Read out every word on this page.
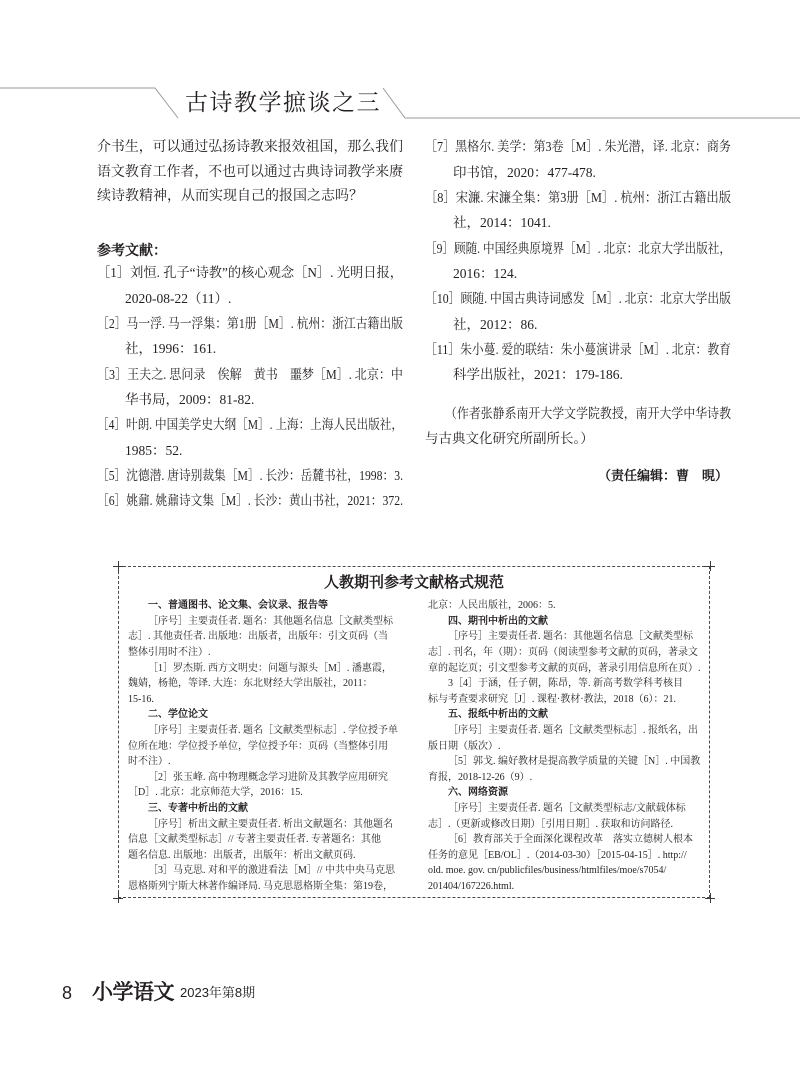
古诗教学摭谈之三
介书生，可以通过弘扬诗教来报效祖国，那么我们
语文教育工作者，不也可以通过古典诗词教学来赓
续诗教精神，从而实现自己的报国之志吗？
参考文献：
［1］刘恒. 孔子“诗教”的核心观念［N］. 光明日报，
2020-08-22（11）.
［2］马一浮. 马一浮集：第1册［M］. 杭州：浙江古籍出版
社，1996：161.
［3］王夫之. 思问录　俟解　黄书　噩梦［M］. 北京：中
华书局，2009：81-82.
［4］叶朗. 中国美学史大纲［M］. 上海：上海人民出版社，
1985：52.
［5］沈德潜. 唐诗别裁集［M］. 长沙：岳麓书社，1998：3.
［6］姚鼐. 姚鼐诗文集［M］. 长沙：黄山书社，2021：372.
［7］黑格尔. 美学：第3卷［M］. 朱光潜，译. 北京：商务
印书馆，2020：477-478.
［8］宋濂. 宋濂全集：第3册［M］. 杭州：浙江古籍出版
社，2014：1041.
［9］顾随. 中国经典原境界［M］. 北京：北京大学出版社，
2016：124.
［10］顾随. 中国古典诗词感发［M］. 北京：北京大学出版
社，2012：86.
［11］朱小蔓. 爱的联结：朱小蔓演讲录［M］. 北京：教育
科学出版社，2021：179-186.
（作者张静系南开大学文学院教授，南开大学中华诗教
与古典文化研究所副所长。）
（责任编辑：曹　晛）
人教期刊参考文献格式规范
一、普通图书、论文集、会议录、报告等
［序号］主要责任者. 题名：其他题名信息［文献类型标
志］. 其他责任者. 出版地：出版者，出版年：引文页码（当
整体引用时不注）.
［1］罗杰斯. 西方文明史：问题与源头［M］. 潘惠霞，
魏婧，杨艳，等译. 大连：东北财经大学出版社，2011：
15-16.
二、学位论文
［序号］主要责任者. 题名［文献类型标志］. 学位授予单
位所在地：学位授予单位，学位授予年：页码（当整体引用
时不注）.
［2］张玉峰. 高中物理概念学习进阶及其教学应用研究
［D］. 北京：北京师范大学，2016：15.
三、专著中析出的文献
［序号］析出文献主要责任者. 析出文献题名：其他题名
信息［文献类型标志］// 专著主要责任者. 专著题名：其他
题名信息. 出版地：出版者，出版年：析出文献页码.
［3］马克思. 对和平的激进看法［M］// 中共中央马克思
恩格斯列宁斯大林著作编译局. 马克思恩格斯全集：第19卷，
北京：人民出版社，2006：5.
四、期刊中析出的文献
［序号］主要责任者. 题名：其他题名信息［文献类型标
志］. 刊名，年（期）：页码（阅读型参考文献的页码，著录文
章的起讫页；引文型参考文献的页码，著录引用信息所在页）.
3［4］于涵，任子朝，陈昂，等. 新高考数学科考核目
标与考查要求研究［J］. 课程·教材·教法，2018（6）：21.
五、报纸中析出的文献
［序号］主要责任者. 题名［文献类型标志］. 报纸名，出
版日期（版次）.
［5］郭戈. 编好教材是提高教学质量的关键［N］. 中国教
育报，2018-12-26（9）.
六、网络资源
［序号］主要责任者. 题名［文献类型标志/文献载体标
志］.（更新或修改日期）［引用日期］. 获取和访问路径.
［6］教育部关于全面深化课程改革　落实立德树人根本
任务的意见［EB/OL］.（2014-03-30）［2015-04-15］. http://
old. moe. gov. cn/publicfiles/business/htmlfiles/moe/s7054/
201404/167226.html.
8 小学语文 2023年第8期
